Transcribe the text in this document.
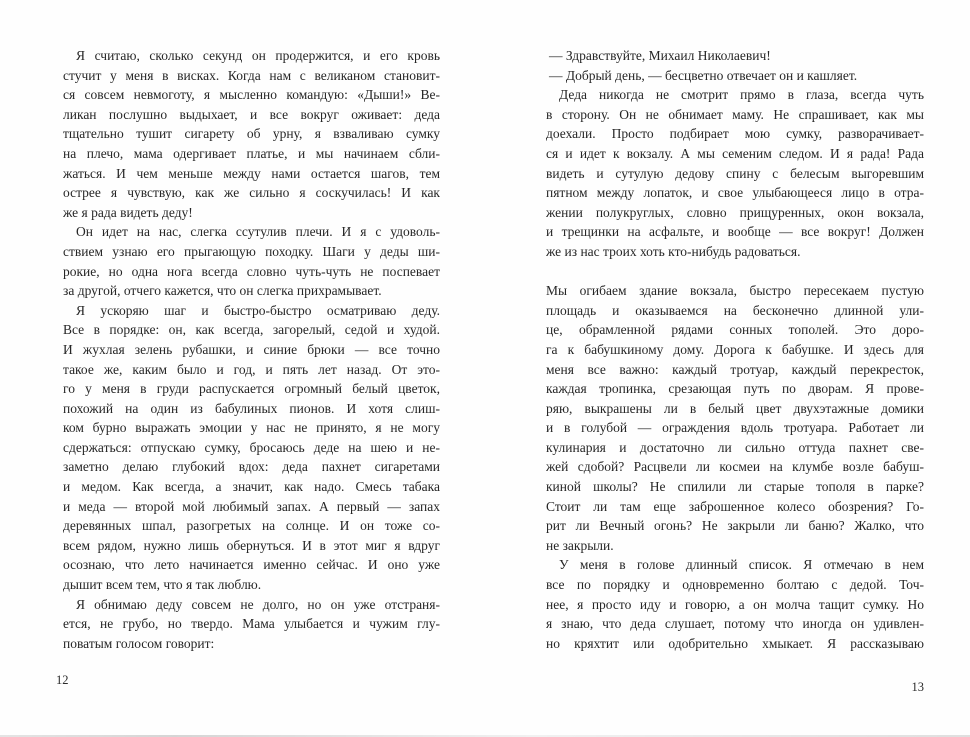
Я считаю, сколько секунд он продержится, и его кровь
стучит у меня в висках. Когда нам с великаном становит-
ся совсем невмоготу, я мысленно командую: «Дыши!» Ве-
ликан послушно выдыхает, и все вокруг оживает: деда
тщательно тушит сигарету об урну, я взваливаю сумку
на плечо, мама одергивает платье, и мы начинаем сбли-
жаться. И чем меньше между нами остается шагов, тем
острее я чувствую, как же сильно я соскучилась! И как
же я рада видеть деду!
Он идет на нас, слегка ссутулив плечи. И я с удоволь-
ствием узнаю его прыгающую походку. Шаги у деды ши-
рокие, но одна нога всегда словно чуть-чуть не поспевает
за другой, отчего кажется, что он слегка прихрамывает.
Я ускоряю шаг и быстро-быстро осматриваю деду.
Все в порядке: он, как всегда, загорелый, седой и худой.
И жухлая зелень рубашки, и синие брюки — все точно
такое же, каким было и год, и пять лет назад. От это-
го у меня в груди распускается огромный белый цветок,
похожий на один из бабулиных пионов. И хотя слиш-
ком бурно выражать эмоции у нас не принято, я не могу
сдержаться: отпускаю сумку, бросаюсь деде на шею и не-
заметно делаю глубокий вдох: деда пахнет сигаретами
и медом. Как всегда, а значит, как надо. Смесь табака
и меда — второй мой любимый запах. А первый — запах
деревянных шпал, разогретых на солнце. И он тоже со-
всем рядом, нужно лишь обернуться. И в этот миг я вдруг
осознаю, что лето начинается именно сейчас. И оно уже
дышит всем тем, что я так люблю.
Я обнимаю деду совсем не долго, но он уже отстраня-
ется, не грубо, но твердо. Мама улыбается и чужим глу-
поватым голосом говорит:
— Здравствуйте, Михаил Николаевич!
— Добрый день, — бесцветно отвечает он и кашляет.
Деда никогда не смотрит прямо в глаза, всегда чуть
в сторону. Он не обнимает маму. Не спрашивает, как мы
доехали. Просто подбирает мою сумку, разворачивает-
ся и идет к вокзалу. А мы семеним следом. И я рада! Рада
видеть и сутулую дедову спину с белесым выгоревшим
пятном между лопаток, и свое улыбающееся лицо в отра-
жении полукруглых, словно прищуренных, окон вокзала,
и трещинки на асфальте, и вообще — все вокруг! Должен
же из нас троих хоть кто-нибудь радоваться.
Мы огибаем здание вокзала, быстро пересекаем пустую
площадь и оказываемся на бесконечно длинной ули-
це, обрамленной рядами сонных тополей. Это доро-
га к бабушкиному дому. Дорога к бабушке. И здесь для
меня все важно: каждый тротуар, каждый перекресток,
каждая тропинка, срезающая путь по дворам. Я прове-
ряю, выкрашены ли в белый цвет двухэтажные домики
и в голубой — ограждения вдоль тротуара. Работает ли
кулинария и достаточно ли сильно оттуда пахнет све-
жей сдобой? Расцвели ли космеи на клумбе возле бабуш-
киной школы? Не спилили ли старые тополя в парке?
Стоит ли там еще заброшенное колесо обозрения? Го-
рит ли Вечный огонь? Не закрыли ли баню? Жалко, что
не закрыли.
У меня в голове длинный список. Я отмечаю в нем
все по порядку и одновременно болтаю с дедой. Точ-
нее, я просто иду и говорю, а он молча тащит сумку. Но
я знаю, что деда слушает, потому что иногда он удивлен-
но кряхтит или одобрительно хмыкает. Я рассказываю
12	13
